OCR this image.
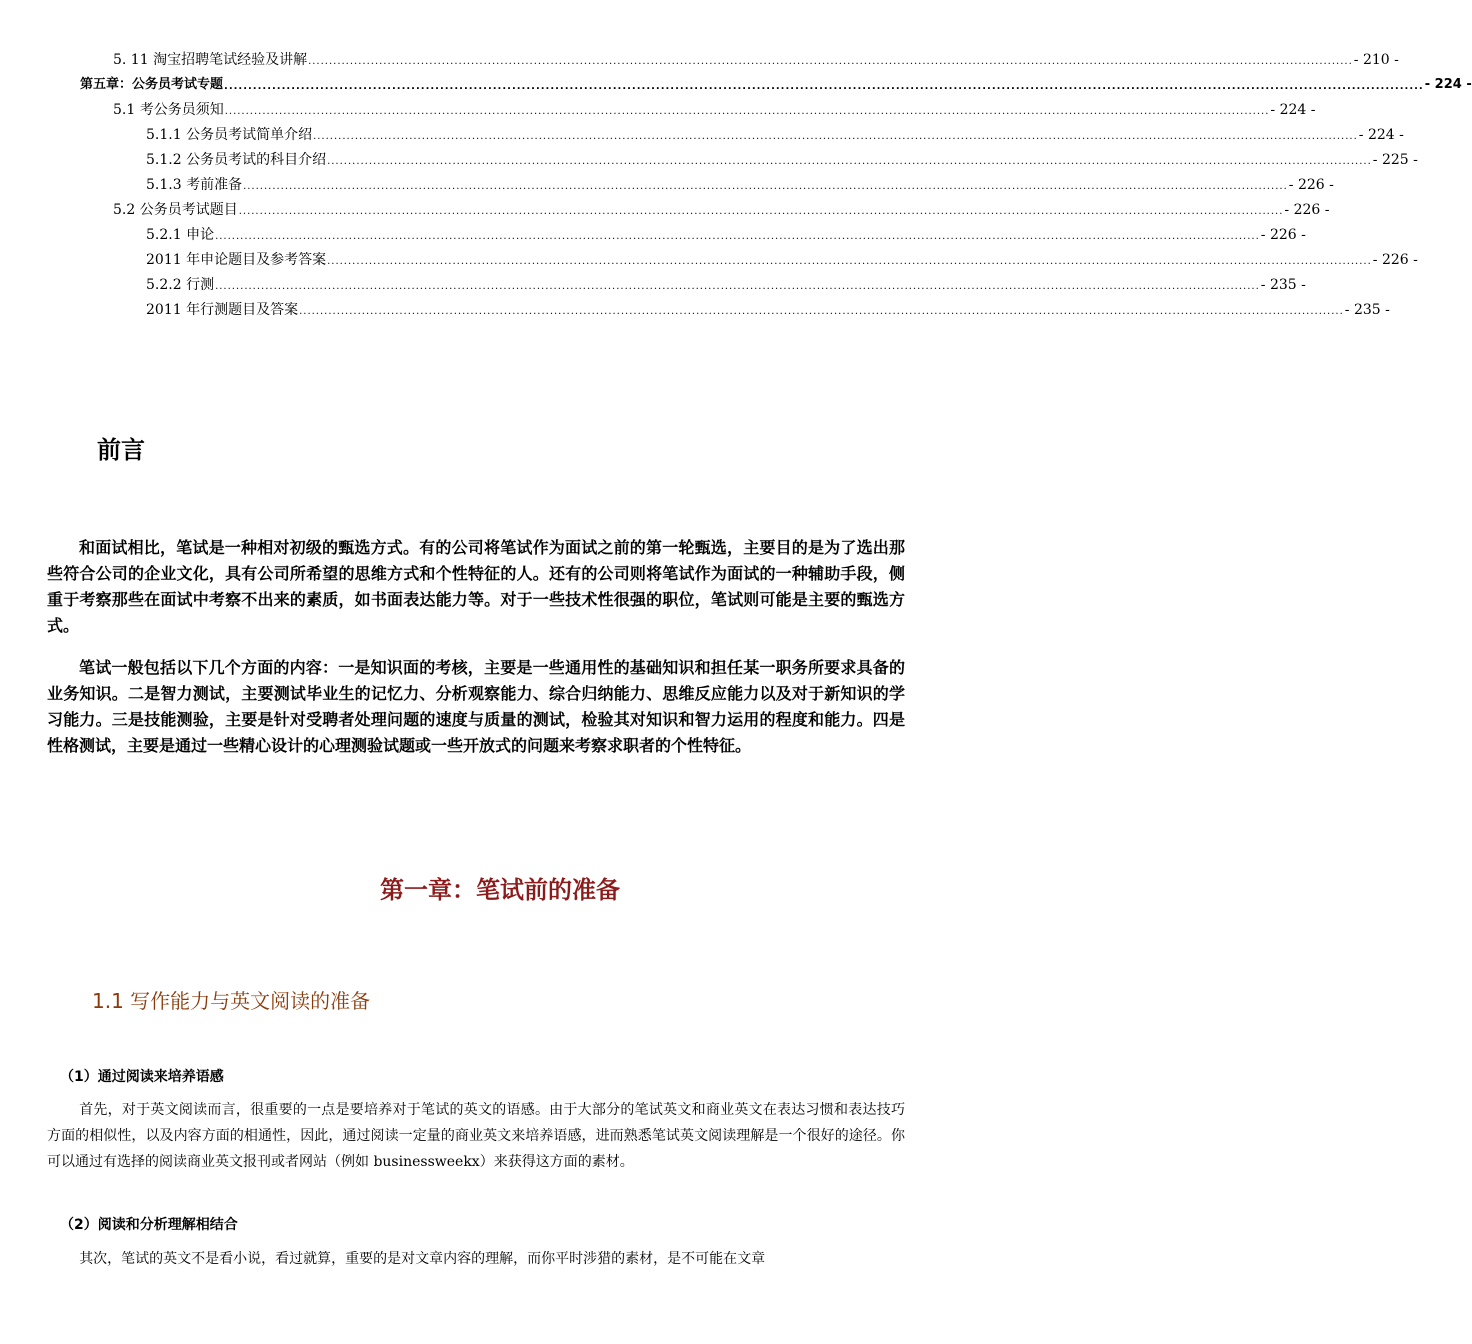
5. 11 淘宝招聘笔试经验及讲解 .......................................................................................................................................................................................................................................................... - 210 -
第五章：公务员考试专题 .......................................................................................................................................................................................................................................................... - 224 -
5.1 考公务员须知 .......................................................................................................................................................................................................................................................... - 224 -
5.1.1 公务员考试简单介绍 .......................................................................................................................................................................................................................................................... - 224 -
5.1.2 公务员考试的科目介绍 .......................................................................................................................................................................................................................................................... - 225 -
5.1.3 考前准备 .......................................................................................................................................................................................................................................................... - 226 -
5.2 公务员考试题目 .......................................................................................................................................................................................................................................................... - 226 -
5.2.1 申论 .......................................................................................................................................................................................................................................................... - 226 -
2011 年申论题目及参考答案 .......................................................................................................................................................................................................................................................... - 226 -
5.2.2 行测 .......................................................................................................................................................................................................................................................... - 235 -
2011 年行测题目及答案 .......................................................................................................................................................................................................................................................... - 235 -
前言

和面试相比，笔试是一种相对初级的甄选方式。有的公司将笔试作为面试之前的第一轮甄选，主要目的是为了选出那些符合公司的企业文化，具有公司所希望的思维方式和个性特征的人。还有的公司则将笔试作为面试的一种辅助手段，侧重于考察那些在面试中考察不出来的素质，如书面表达能力等。对于一些技术性很强的职位，笔试则可能是主要的甄选方式。

笔试一般包括以下几个方面的内容：一是知识面的考核，主要是一些通用性的基础知识和担任某一职务所要求具备的业务知识。二是智力测试，主要测试毕业生的记忆力、分析观察能力、综合归纳能力、思维反应能力以及对于新知识的学习能力。三是技能测验，主要是针对受聘者处理问题的速度与质量的测试，检验其对知识和智力运用的程度和能力。四是性格测试，主要是通过一些精心设计的心理测验试题或一些开放式的问题来考察求职者的个性特征。

第一章：笔试前的准备
1.1 写作能力与英文阅读的准备
（1）通过阅读来培养语感

首先，对于英文阅读而言，很重要的一点是要培养对于笔试的英文的语感。由于大部分的笔试英文和商业英文在表达习惯和表达技巧方面的相似性，以及内容方面的相通性，因此，通过阅读一定量的商业英文来培养语感，进而熟悉笔试英文阅读理解是一个很好的途径。你可以通过有选择的阅读商业英文报刊或者网站（例如 businessweekx）来获得这方面的素材。

（2）阅读和分析理解相结合

其次，笔试的英文不是看小说，看过就算，重要的是对文章内容的理解，而你平时涉猎的素材，是不可能在文章
